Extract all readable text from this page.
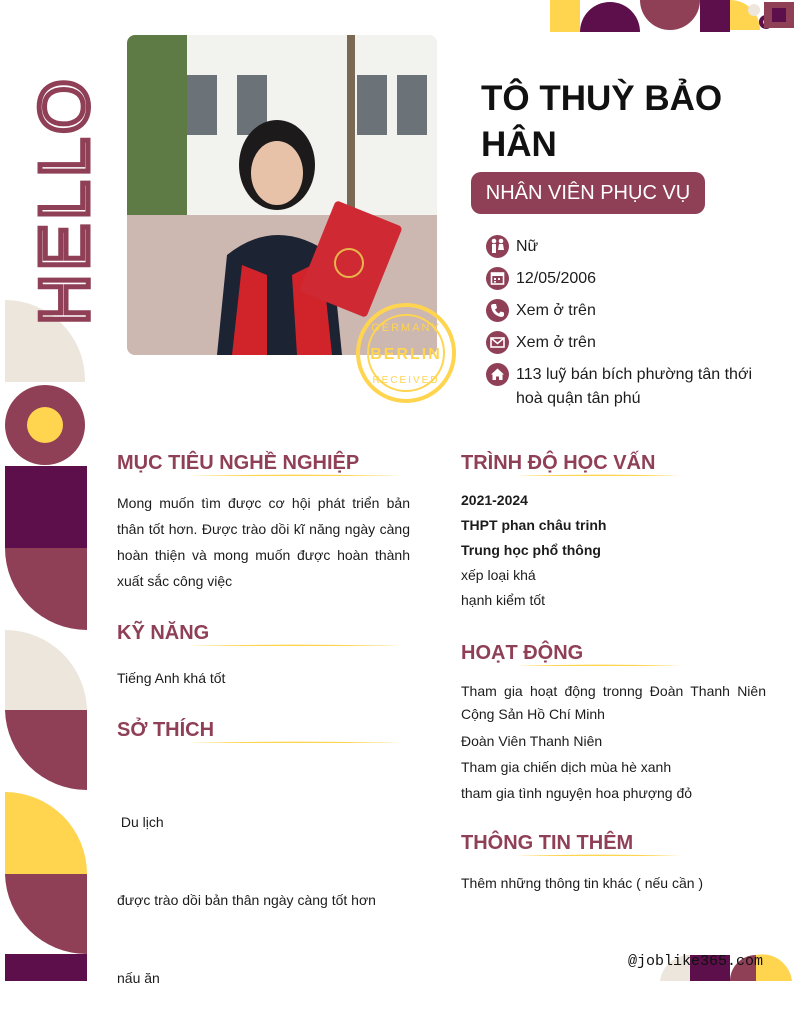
HELLO
GERMANY
BERLIN
RECEIVED
TÔ THUỲ BẢO
HÂN
NHÂN VIÊN PHỤC VỤ
Nữ
12/05/2006
Xem ở trên
Xem ở trên
113 luỹ bán bích phường tân thới hoà quận tân phú
MỤC TIÊU NGHỀ NGHIỆP
Mong muốn tìm được cơ hội phát triển bản thân tốt hơn. Được trào dồi kĩ năng ngày càng hoàn thiện và mong muốn được hoàn thành xuất sắc công việc
KỸ NĂNG
Tiếng Anh khá tốt
SỞ THÍCH

Du lịch

được trào dồi bản thân ngày càng tốt hơn

nấu ăn

TRÌNH ĐỘ HỌC VẤN
2021-2024
THPT phan châu trinh
Trung học phổ thông
xếp loại khá
hạnh kiểm tốt
HOẠT ĐỘNG
Tham gia hoạt động tronng Đoàn Thanh Niên Cộng Sản Hồ Chí Minh
Đoàn Viên Thanh Niên
Tham gia chiến dịch mùa hè xanh
tham gia tình nguyện hoa phượng đỏ
THÔNG TIN THÊM
Thêm những thông tin khác ( nếu cần )
@joblike365.com
